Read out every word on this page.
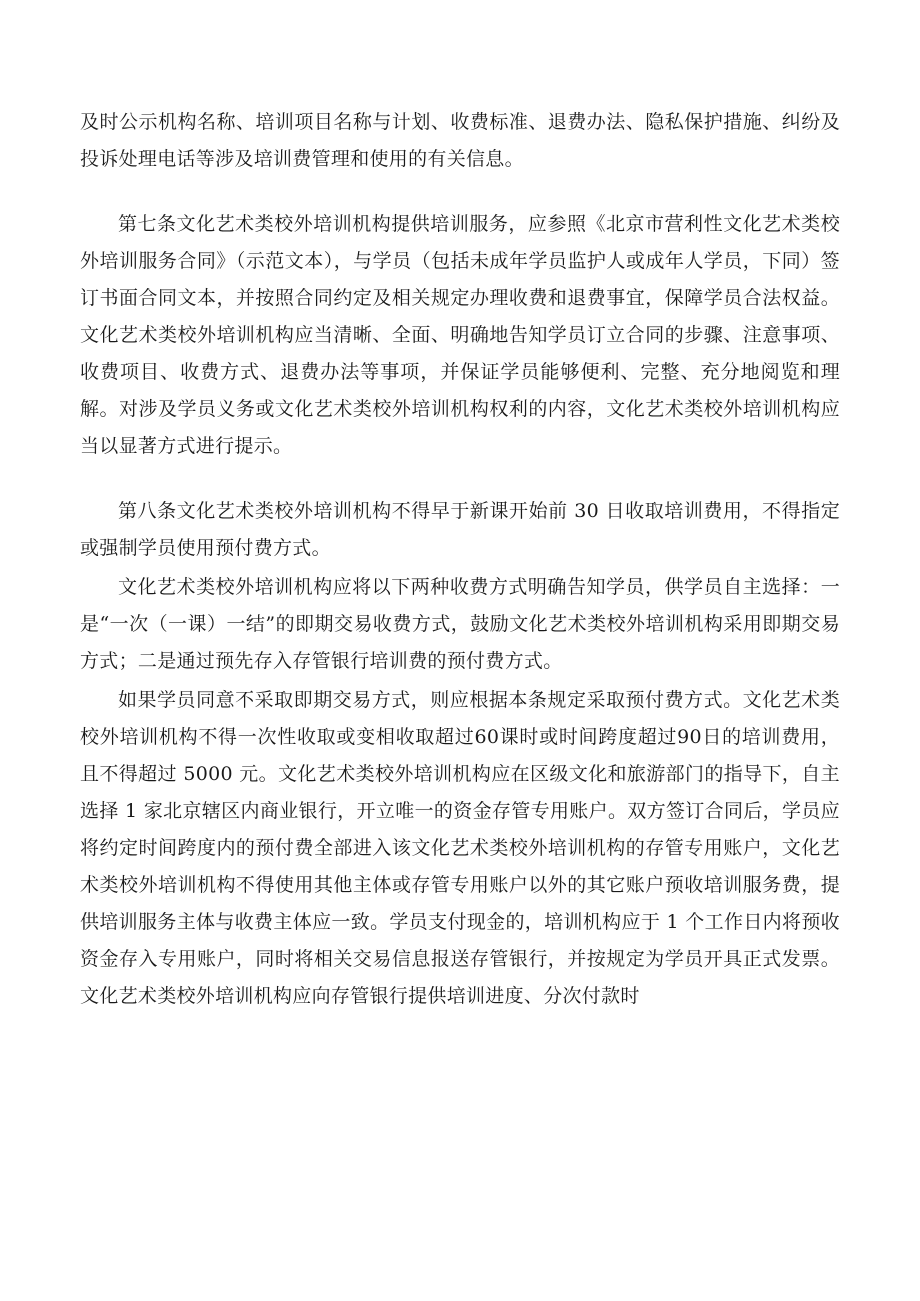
及时公示机构名称、培训项目名称与计划、收费标准、退费办法、隐私保护措施、纠纷及投诉处理电话等涉及培训费管理和使用的有关信息。

第七条文化艺术类校外培训机构提供培训服务，应参照《北京市营利性文化艺术类校外培训服务合同》（示范文本），与学员（包括未成年学员监护人或成年人学员，下同）签订书面合同文本，并按照合同约定及相关规定办理收费和退费事宜，保障学员合法权益。文化艺术类校外培训机构应当清晰、全面、明确地告知学员订立合同的步骤、注意事项、收费项目、收费方式、退费办法等事项，并保证学员能够便利、完整、充分地阅览和理解。对涉及学员义务或文化艺术类校外培训机构权利的内容，文化艺术类校外培训机构应当以显著方式进行提示。

第八条文化艺术类校外培训机构不得早于新课开始前 30 日收取培训费用，不得指定或强制学员使用预付费方式。

文化艺术类校外培训机构应将以下两种收费方式明确告知学员，供学员自主选择：一是“一次（一课）一结”的即期交易收费方式，鼓励文化艺术类校外培训机构采用即期交易方式；二是通过预先存入存管银行培训费的预付费方式。

如果学员同意不采取即期交易方式，则应根据本条规定采取预付费方式。文化艺术类校外培训机构不得一次性收取或变相收取超过60课时或时间跨度超过90日的培训费用，且不得超过 5000 元。文化艺术类校外培训机构应在区级文化和旅游部门的指导下，自主选择 1 家北京辖区内商业银行，开立唯一的资金存管专用账户。双方签订合同后，学员应将约定时间跨度内的预付费全部进入该文化艺术类校外培训机构的存管专用账户，文化艺术类校外培训机构不得使用其他主体或存管专用账户以外的其它账户预收培训服务费，提供培训服务主体与收费主体应一致。学员支付现金的，培训机构应于 1 个工作日内将预收资金存入专用账户，同时将相关交易信息报送存管银行，并按规定为学员开具正式发票。文化艺术类校外培训机构应向存管银行提供培训进度、分次付款时
